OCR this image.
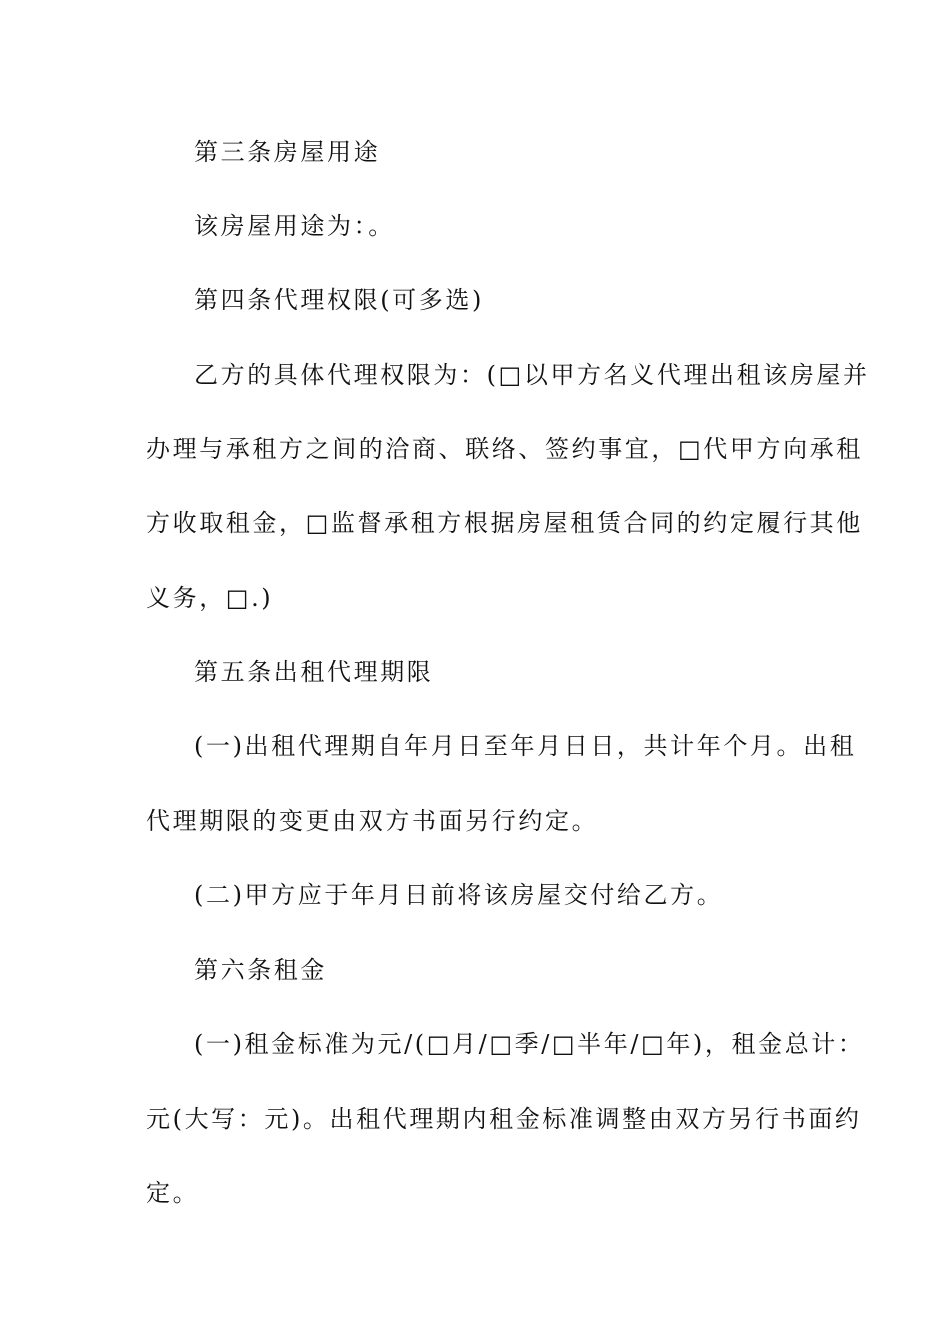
第三条房屋用途
该房屋用途为：。
第四条代理权限(可多选)
乙方的具体代理权限为：(□以甲方名义代理出租该房屋并
办理与承租方之间的洽商、联络、签约事宜，□代甲方向承租
方收取租金，□监督承租方根据房屋租赁合同的约定履行其他
义务，□.)
第五条出租代理期限
(一)出租代理期自年月日至年月日日，共计年个月。出租
代理期限的变更由双方书面另行约定。
(二)甲方应于年月日前将该房屋交付给乙方。
第六条租金
(一)租金标准为元/(□月/□季/□半年/□年)，租金总计：
元(大写：元)。出租代理期内租金标准调整由双方另行书面约
定。
